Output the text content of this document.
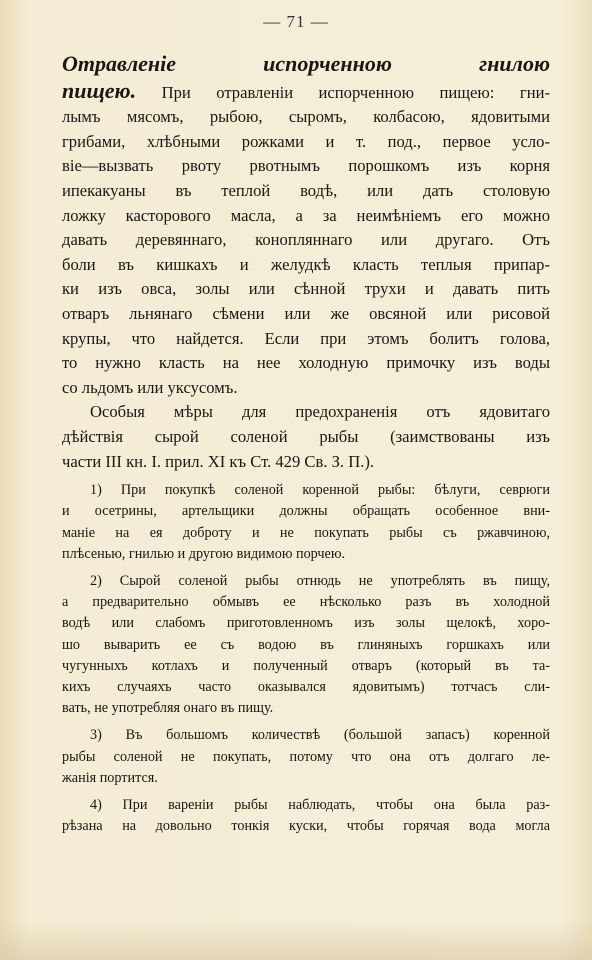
— 71 —
Отравленіе испорченною гнилою
пищею. При отравленіи испорченною пищею: гни-
лымъ мясомъ, рыбою, сыромъ, колбасою, ядовитыми
грибами, хлѣбными рожками и т. под., первое усло-
віе—вызвать рвоту рвотнымъ порошкомъ изъ корня
ипекакуаны въ теплой водѣ, или дать столовую
ложку касторового масла, а за неимѣніемъ его можно
давать деревяннаго, конопляннаго или другаго. Отъ
боли въ кишкахъ и желудкѣ класть теплыя припар-
ки изъ овса, золы или сѣнной трухи и давать пить
отваръ льнянаго сѣмени или же овсяной или рисовой
крупы, что найдется. Если при этомъ болитъ голова,
то нужно класть на нее холодную примочку изъ воды
со льдомъ или уксусомъ.
Особыя мѣры для предохраненія отъ ядовитаго
дѣйствія сырой соленой рыбы (заимствованы изъ
части III кн. I. прил. XI къ Ст. 429 Св. З. П.).
1) При покупкѣ соленой коренной рыбы: бѣлуги, севрюги
и осетрины, артельщики должны обращать особенное вни-
маніе на ея доброту и не покупать рыбы съ ржавчиною,
плѣсенью, гнилью и другою видимою порчею.
2) Сырой соленой рыбы отнюдь не употреблять въ пищу,
а предварительно обмывъ ее нѣсколько разъ въ холодной
водѣ или слабомъ приготовленномъ изъ золы щелокѣ, хоро-
шо выварить ее съ водою въ глиняныхъ горшкахъ или
чугунныхъ котлахъ и полученный отваръ (который въ та-
кихъ случаяхъ часто оказывался ядовитымъ) тотчасъ сли-
вать, не употребляя онаго въ пищу.
3) Въ большомъ количествѣ (большой запасъ) коренной
рыбы соленой не покупать, потому что она отъ долгаго ле-
жанія портится.
4) При вареніи рыбы наблюдать, чтобы она была раз-
рѣзана на довольно тонкія куски, чтобы горячая вода могла
